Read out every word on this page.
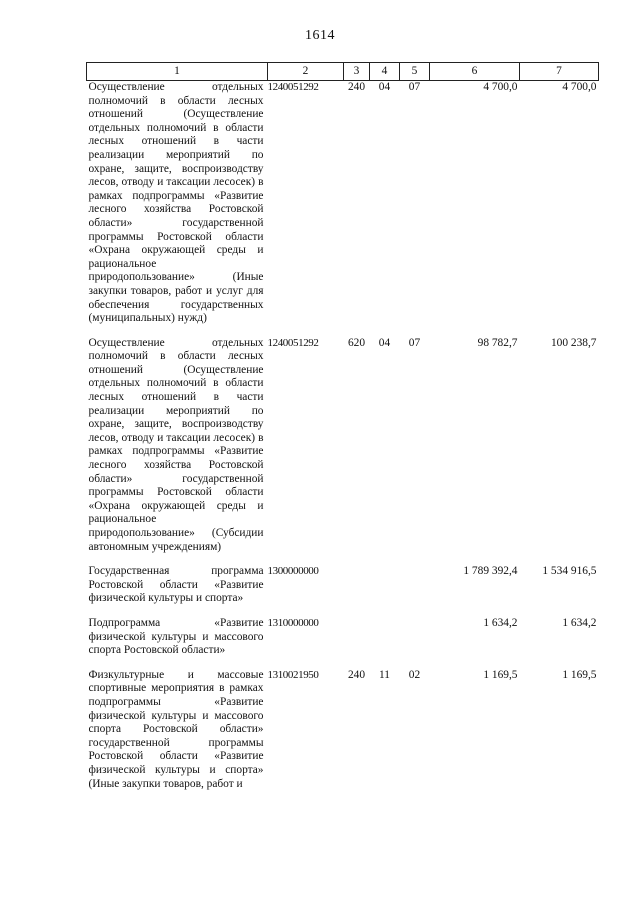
1614
1	2	3	4	5	6	7
Осуществление отдельных полномочий в области лесных отношений (Осуществление отдельных полномочий в области лесных отношений в части реализации мероприятий по охране, защите, воспроизводству лесов, отводу и таксации лесосек) в рамках подпрограммы «Развитие лесного хозяйства Ростовской области» государственной программы Ростовской области «Охрана окружающей среды и рациональное природопользование» (Иные закупки товаров, работ и услуг для обеспечения государственных (муниципальных) нужд)	1240051292	240	04	07	4 700,0	4 700,0

Осуществление отдельных полномочий в области лесных отношений (Осуществление отдельных полномочий в области лесных отношений в части реализации мероприятий по охране, защите, воспроизводству лесов, отводу и таксации лесосек) в рамках подпрограммы «Развитие лесного хозяйства Ростовской области» государственной программы Ростовской области «Охрана окружающей среды и рациональное природопользование» (Субсидии автономным учреждениям)	1240051292	620	04	07	98 782,7	100 238,7

Государственная программа Ростовской области «Развитие физической культуры и спорта»	1300000000				1 789 392,4	1 534 916,5

Подпрограмма «Развитие физической культуры и массового спорта Ростовской области»	1310000000				1 634,2	1 634,2

Физкультурные и массовые спортивные мероприятия в рамках подпрограммы «Развитие физической культуры и массового спорта Ростовской области» государственной программы Ростовской области «Развитие физической культуры и спорта» (Иные закупки товаров, работ и	1310021950	240	11	02	1 169,5	1 169,5
